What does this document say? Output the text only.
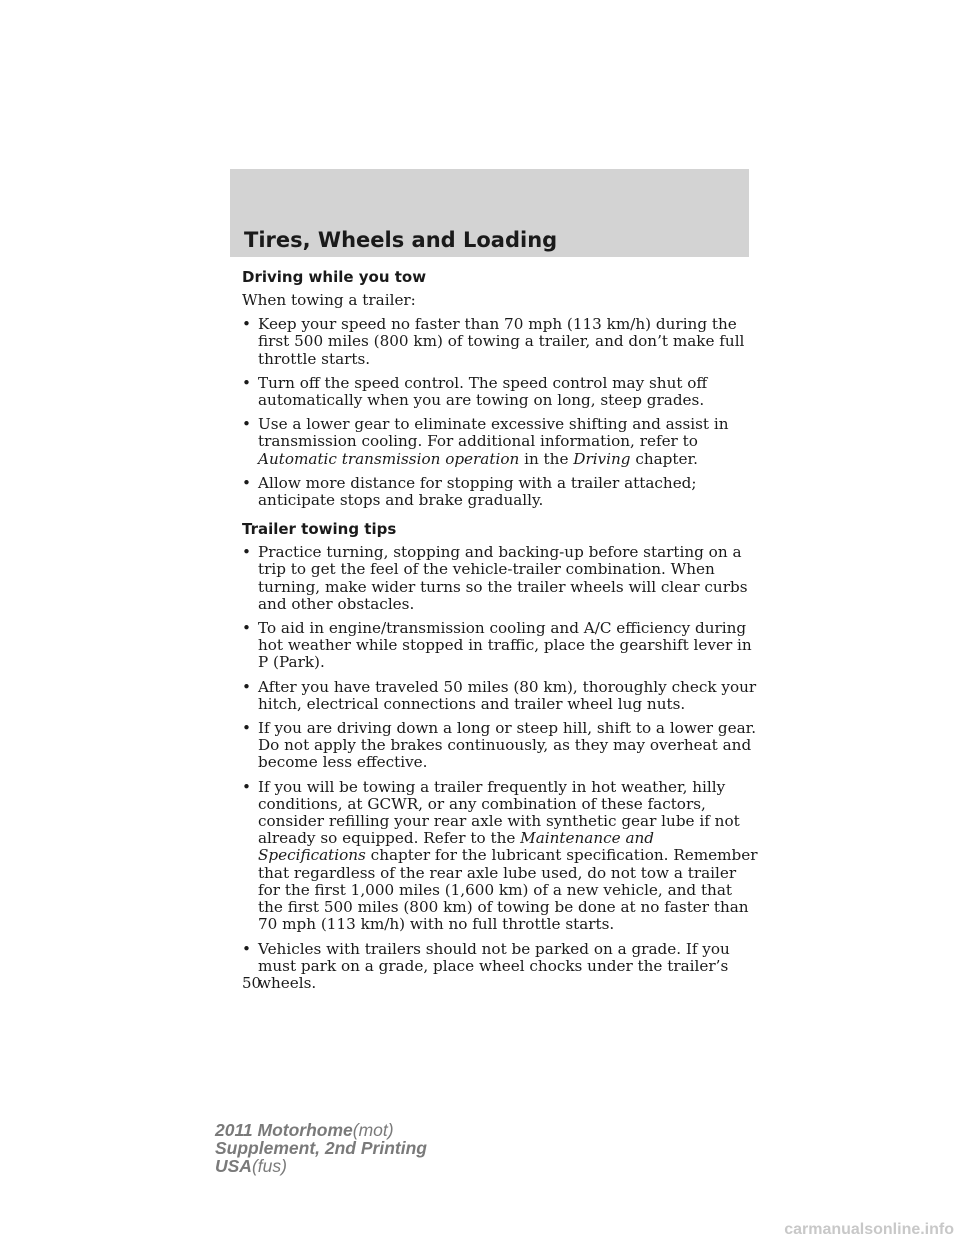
Tires, Wheels and Loading
Driving while you tow
When towing a trailer:
• Keep your speed no faster than 70 mph (113 km/h) during the first 500 miles (800 km) of towing a trailer, and don’t make full throttle starts.
• Turn off the speed control. The speed control may shut off automatically when you are towing on long, steep grades.
• Use a lower gear to eliminate excessive shifting and assist in transmission cooling. For additional information, refer to Automatic transmission operation in the Driving chapter.
• Allow more distance for stopping with a trailer attached; anticipate stops and brake gradually.
Trailer towing tips
• Practice turning, stopping and backing-up before starting on a trip to get the feel of the vehicle-trailer combination. When turning, make wider turns so the trailer wheels will clear curbs and other obstacles.
• To aid in engine/transmission cooling and A/C efficiency during hot weather while stopped in traffic, place the gearshift lever in P (Park).
• After you have traveled 50 miles (80 km), thoroughly check your hitch, electrical connections and trailer wheel lug nuts.
• If you are driving down a long or steep hill, shift to a lower gear. Do not apply the brakes continuously, as they may overheat and become less effective.
• If you will be towing a trailer frequently in hot weather, hilly conditions, at GCWR, or any combination of these factors, consider refilling your rear axle with synthetic gear lube if not already so equipped. Refer to the Maintenance and Specifications chapter for the lubricant specification. Remember that regardless of the rear axle lube used, do not tow a trailer for the first 1,000 miles (1,600 km) of a new vehicle, and that the first 500 miles (800 km) of towing be done at no faster than 70 mph (113 km/h) with no full throttle starts.
• Vehicles with trailers should not be parked on a grade. If you must park on a grade, place wheel chocks under the trailer’s wheels.
50
2011 Motorhome(mot)
Supplement, 2nd Printing
USA(fus)
carmanualsonline.info
